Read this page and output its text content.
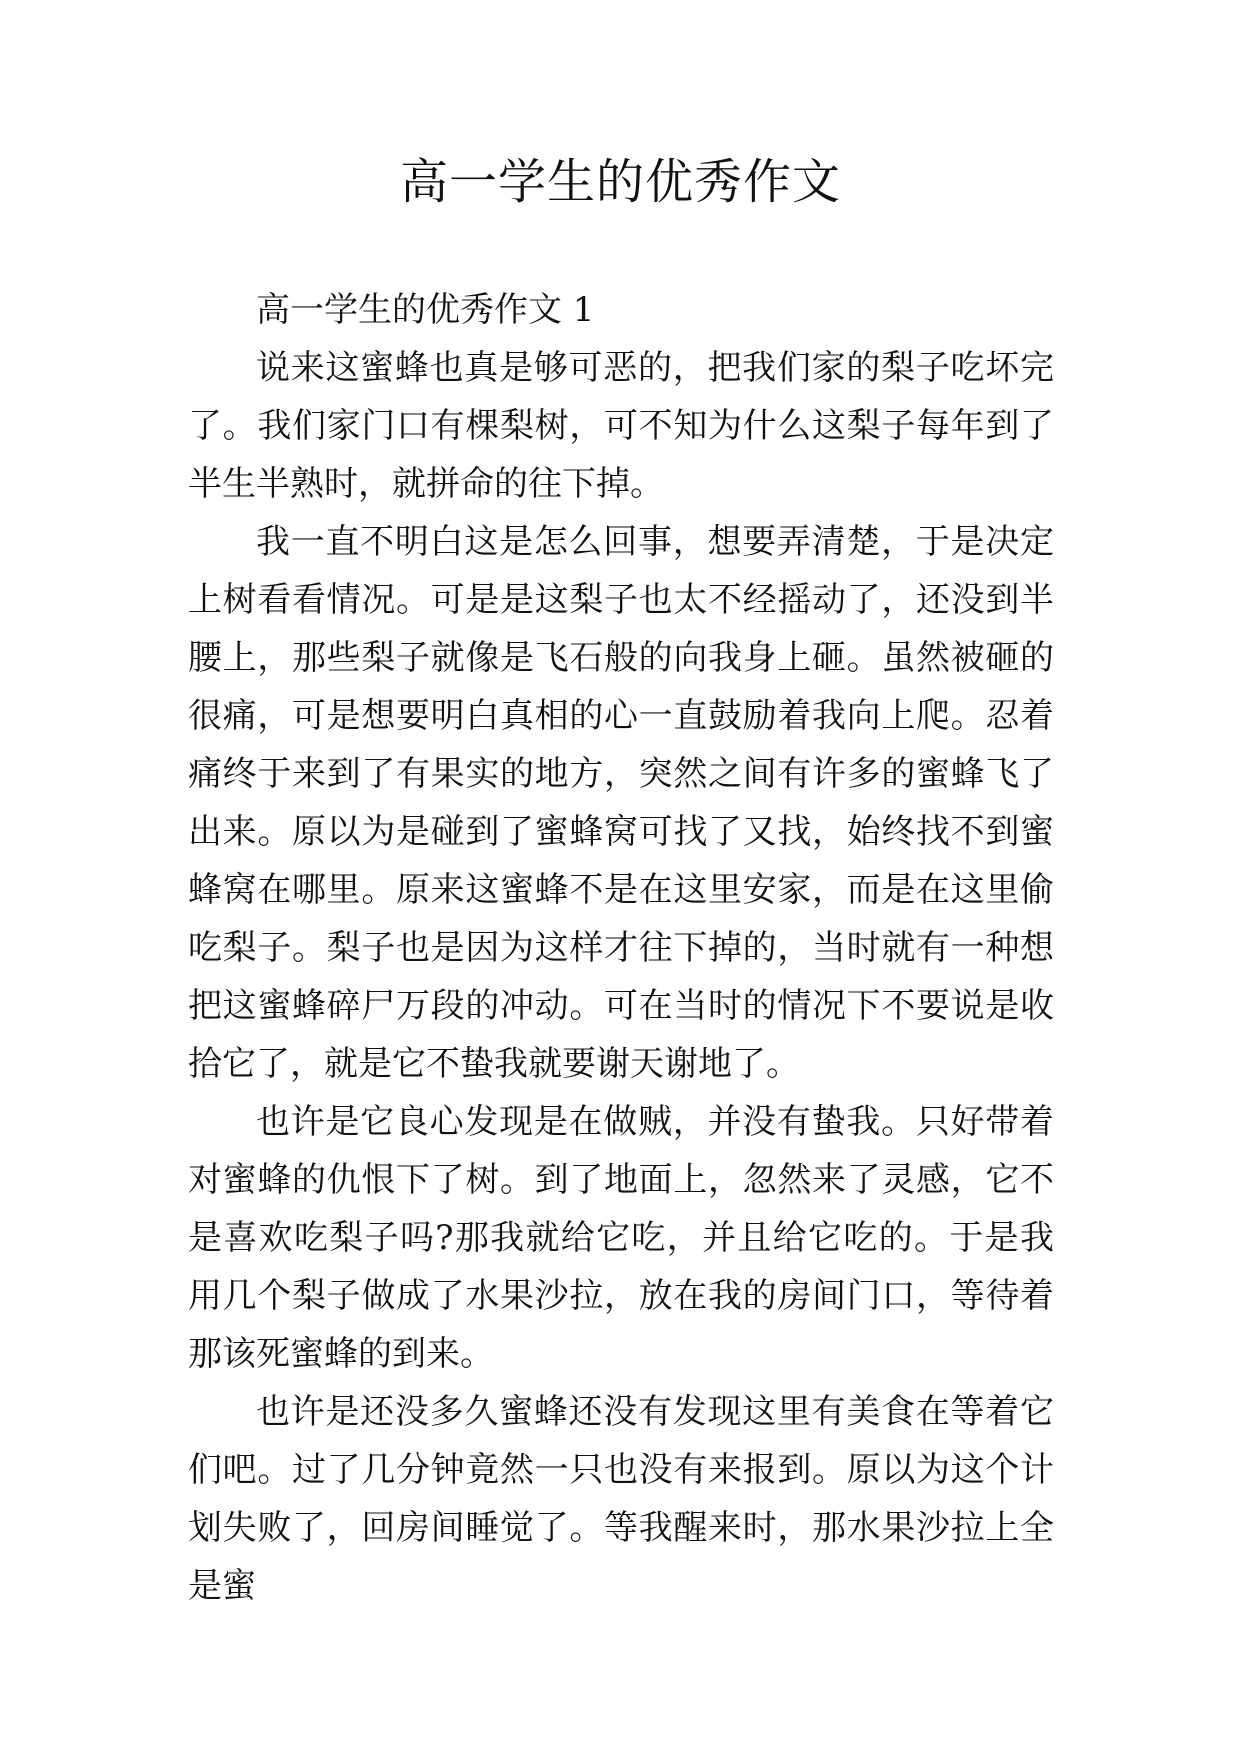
高一学生的优秀作文

高一学生的优秀作文 1

说来这蜜蜂也真是够可恶的，把我们家的梨子吃坏完了。我们家门口有棵梨树，可不知为什么这梨子每年到了半生半熟时，就拼命的往下掉。

我一直不明白这是怎么回事，想要弄清楚，于是决定上树看看情况。可是是这梨子也太不经摇动了，还没到半腰上，那些梨子就像是飞石般的向我身上砸。虽然被砸的很痛，可是想要明白真相的心一直鼓励着我向上爬。忍着痛终于来到了有果实的地方，突然之间有许多的蜜蜂飞了出来。原以为是碰到了蜜蜂窝可找了又找，始终找不到蜜蜂窝在哪里。原来这蜜蜂不是在这里安家，而是在这里偷吃梨子。梨子也是因为这样才往下掉的，当时就有一种想把这蜜蜂碎尸万段的冲动。可在当时的情况下不要说是收拾它了，就是它不蛰我就要谢天谢地了。

也许是它良心发现是在做贼，并没有蛰我。只好带着对蜜蜂的仇恨下了树。到了地面上，忽然来了灵感，它不是喜欢吃梨子吗?那我就给它吃，并且给它吃的。于是我用几个梨子做成了水果沙拉，放在我的房间门口，等待着那该死蜜蜂的到来。

也许是还没多久蜜蜂还没有发现这里有美食在等着它们吧。过了几分钟竟然一只也没有来报到。原以为这个计划失败了，回房间睡觉了。等我醒来时，那水果沙拉上全是蜜
